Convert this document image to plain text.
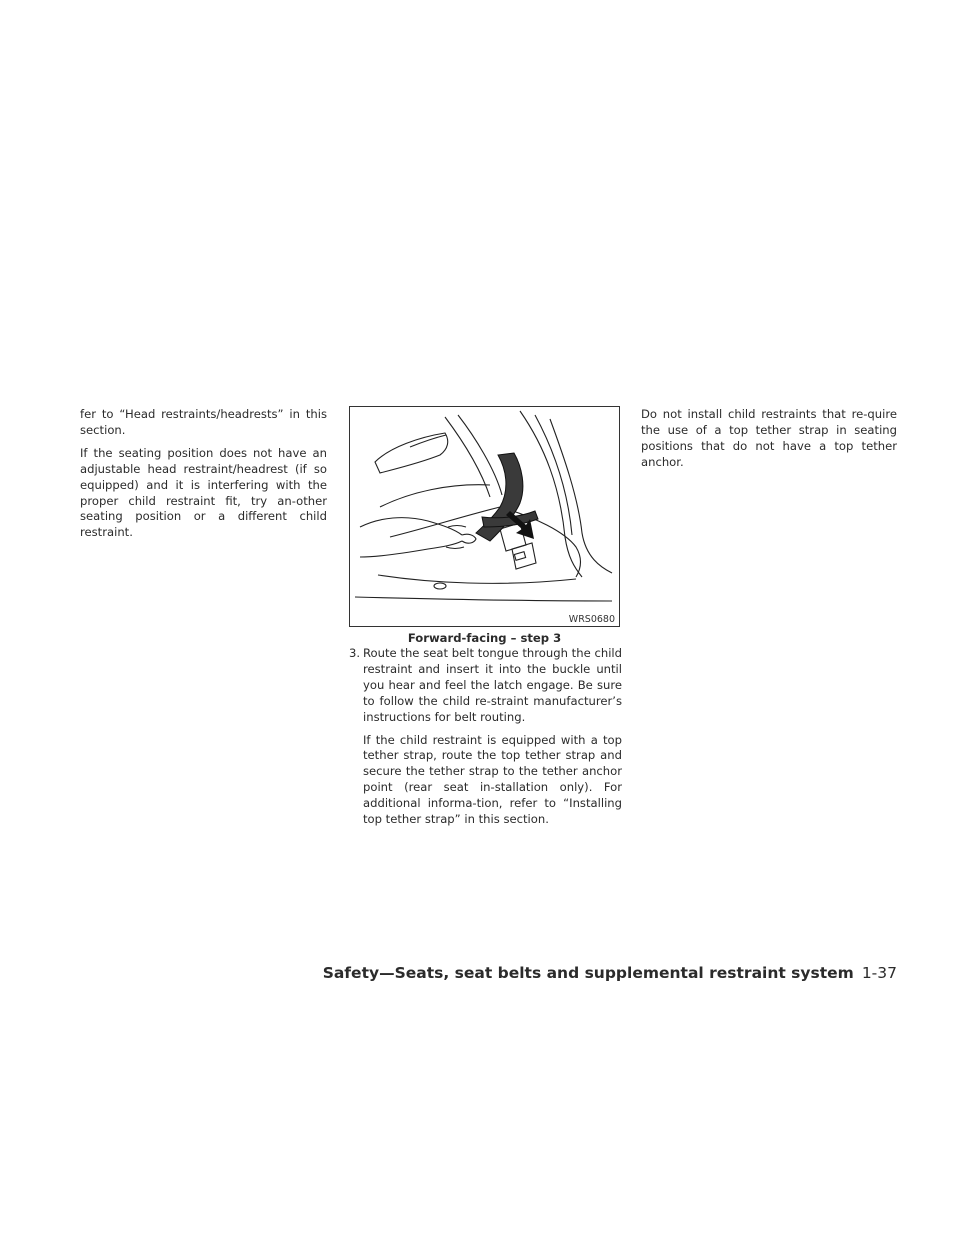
fer to “Head restraints/headrests” in this section.

If the seating position does not have an adjustable head restraint/headrest (if so equipped) and it is interfering with the proper child restraint fit, try an-other seating position or a different child restraint.

WRS0680
Forward-facing – step 3
3. Route the seat belt tongue through the child restraint and insert it into the buckle until you hear and feel the latch engage. Be sure to follow the child re-straint manufacturer’s instructions for belt routing.

If the child restraint is equipped with a top tether strap, route the top tether strap and secure the tether strap to the tether anchor point (rear seat in-stallation only). For additional informa-tion, refer to “Installing top tether strap” in this section.

Do not install child restraints that re-quire the use of a top tether strap in seating positions that do not have a top tether anchor.

Safety—Seats, seat belts and supplemental restraint system 1-37
